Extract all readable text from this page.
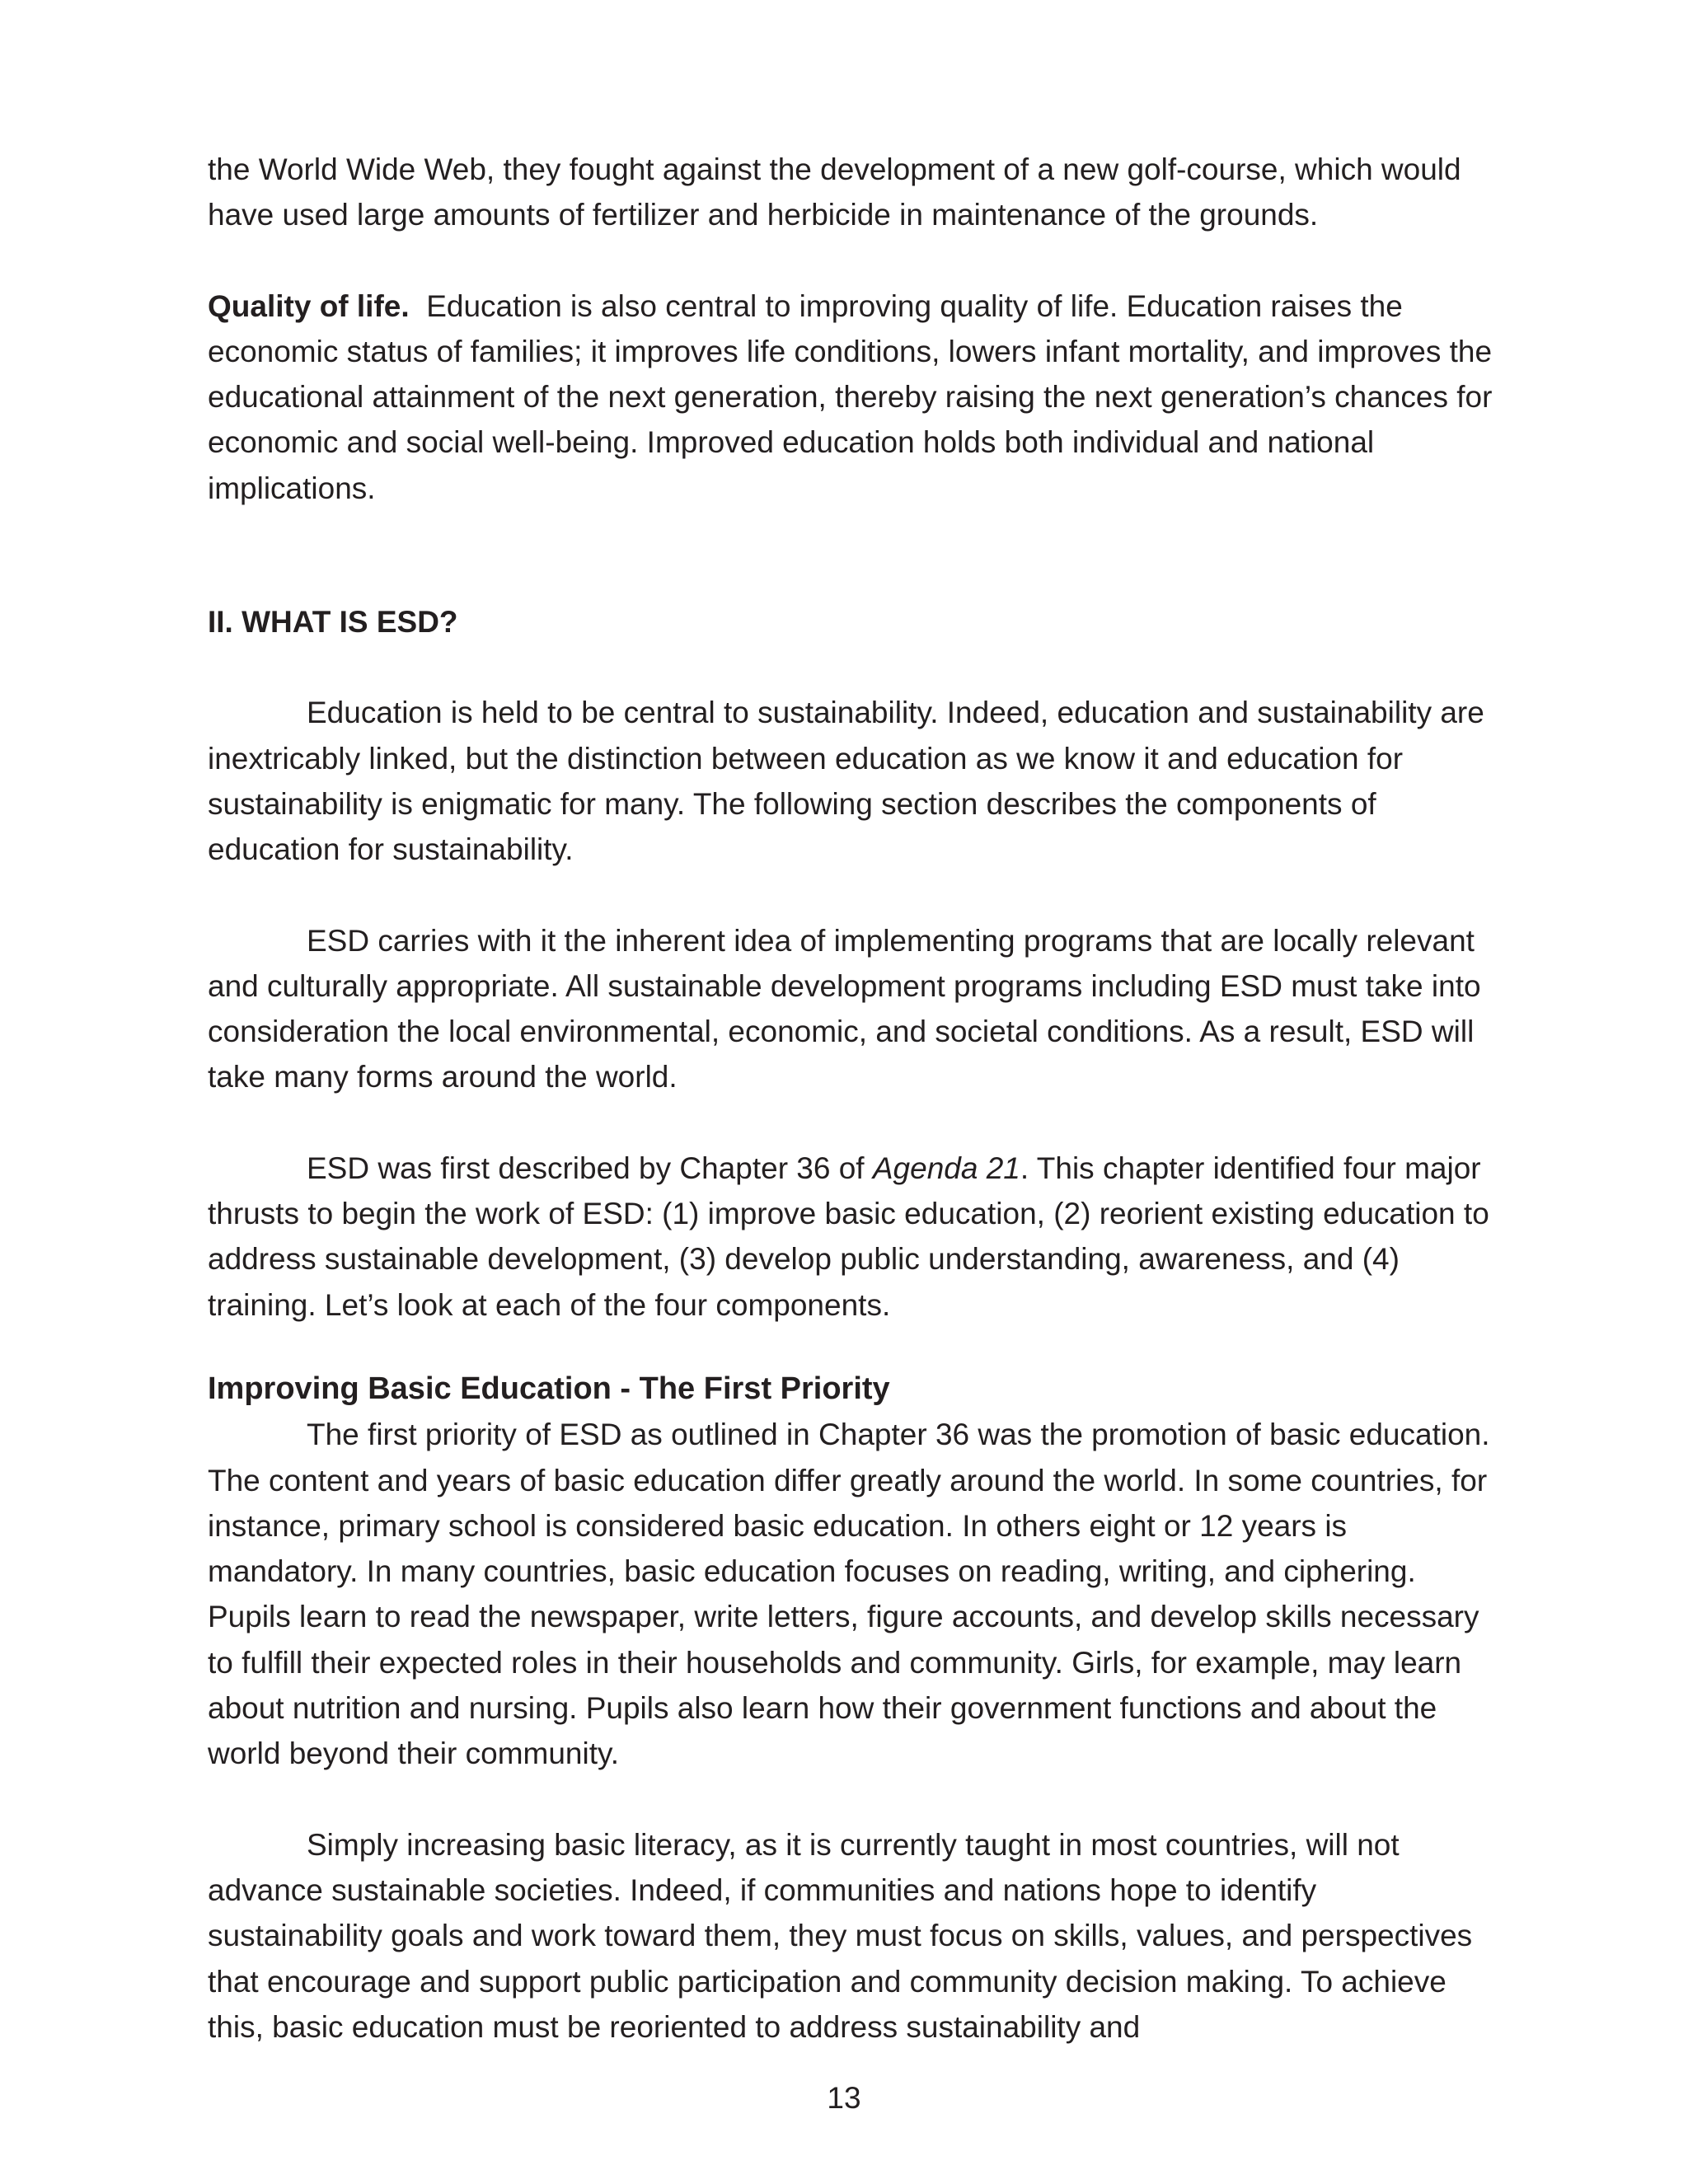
the World Wide Web, they fought against the development of a new golf-course, which would have used large amounts of fertilizer and herbicide in maintenance of the grounds.

Quality of life. Education is also central to improving quality of life. Education raises the economic status of families; it improves life conditions, lowers infant mortality, and improves the educational attainment of the next generation, thereby raising the next generation’s chances for economic and social well-being. Improved education holds both individual and national implications.

II. WHAT IS ESD?

Education is held to be central to sustainability. Indeed, education and sustainability are inextricably linked, but the distinction between education as we know it and education for sustainability is enigmatic for many. The following section describes the components of education for sustainability.

ESD carries with it the inherent idea of implementing programs that are locally relevant and culturally appropriate. All sustainable development programs including ESD must take into consideration the local environmental, economic, and societal conditions. As a result, ESD will take many forms around the world.

ESD was first described by Chapter 36 of Agenda 21. This chapter identified four major thrusts to begin the work of ESD: (1) improve basic education, (2) reorient existing education to address sustainable development, (3) develop public understanding, awareness, and (4) training. Let’s look at each of the four components.

Improving Basic Education - The First Priority

The first priority of ESD as outlined in Chapter 36 was the promotion of basic education. The content and years of basic education differ greatly around the world. In some countries, for instance, primary school is considered basic education. In others eight or 12 years is mandatory. In many countries, basic education focuses on reading, writing, and ciphering. Pupils learn to read the newspaper, write letters, figure accounts, and develop skills necessary to fulfill their expected roles in their households and community. Girls, for example, may learn about nutrition and nursing. Pupils also learn how their government functions and about the world beyond their community.

Simply increasing basic literacy, as it is currently taught in most countries, will not advance sustainable societies. Indeed, if communities and nations hope to identify sustainability goals and work toward them, they must focus on skills, values, and perspectives that encourage and support public participation and community decision making. To achieve this, basic education must be reoriented to address sustainability and

13
